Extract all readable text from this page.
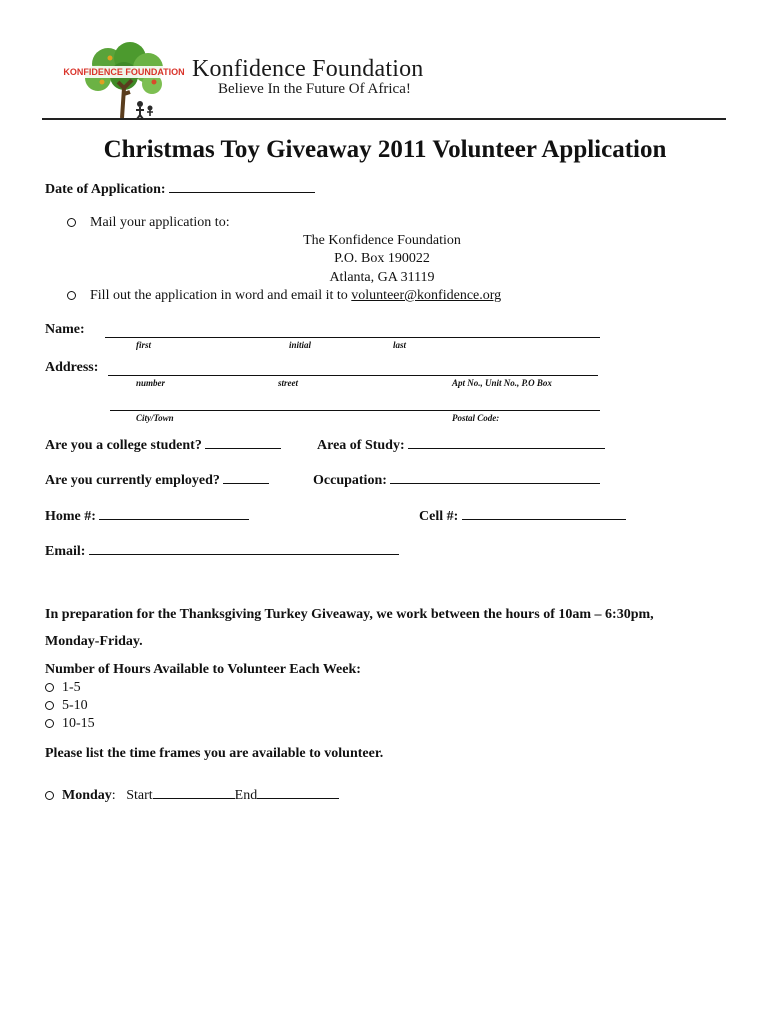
KONFIDENCE FOUNDATION Konfidence Foundation
Believe In the Future Of Africa!
Christmas Toy Giveaway 2011 Volunteer Application
Date of Application:
Mail your application to:
The Konfidence Foundation
P.O. Box 190022
Atlanta, GA 31119
Fill out the application in word and email it to volunteer@konfidence.org
Name:
first	initial	last
Address:
number	street	Apt No., Unit No., P.O Box
City/Town	Postal Code:
Are you a college student?	Area of Study:
Are you currently employed?	Occupation:
Home #:	Cell #:
Email:
In preparation for the Thanksgiving Turkey Giveaway, we work between the hours of 10am – 6:30pm,
Monday-Friday.
Number of Hours Available to Volunteer Each Week:
1-5
5-10
10-15
Please list the time frames you are available to volunteer.
Monday:   Start	End
